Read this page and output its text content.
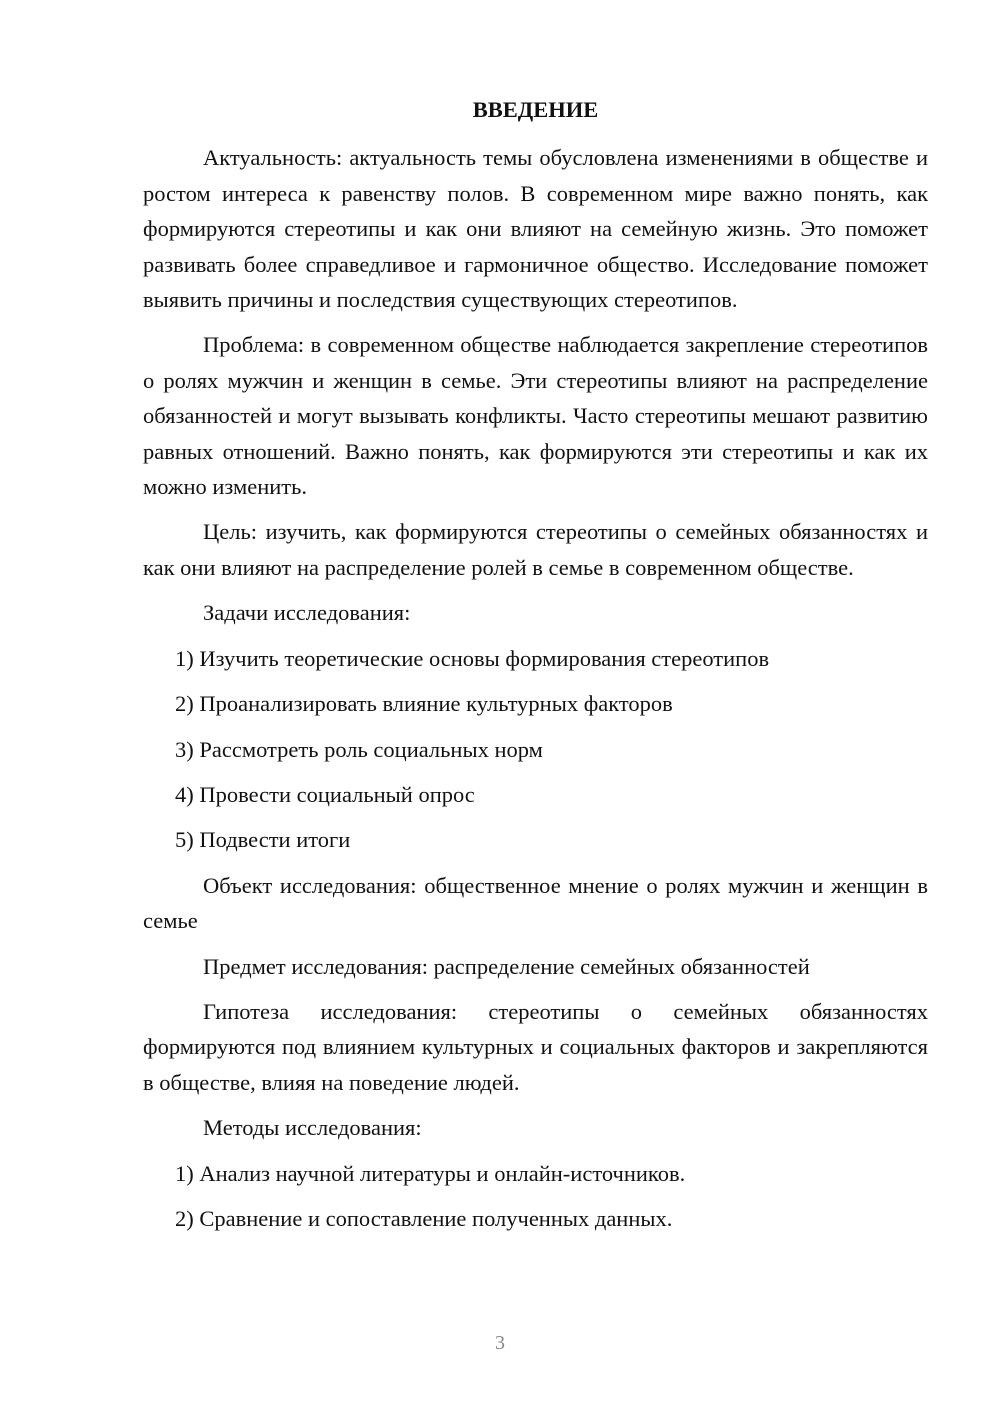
ВВЕДЕНИЕ

Актуальность: актуальность темы обусловлена изменениями в обществе и ростом интереса к равенству полов. В современном мире важно понять, как формируются стереотипы и как они влияют на семейную жизнь. Это поможет развивать более справедливое и гармоничное общество. Исследование поможет выявить причины и последствия существующих стереотипов.

Проблема: в современном обществе наблюдается закрепление стереотипов о ролях мужчин и женщин в семье. Эти стереотипы влияют на распределение обязанностей и могут вызывать конфликты. Часто стереотипы мешают развитию равных отношений. Важно понять, как формируются эти стереотипы и как их можно изменить.

Цель: изучить, как формируются стереотипы о семейных обязанностях и как они влияют на распределение ролей в семье в современном обществе.

Задачи исследования:
1) Изучить теоретические основы формирования стереотипов
2) Проанализировать влияние культурных факторов
3) Рассмотреть роль социальных норм
4) Провести социальный опрос
5) Подвести итоги

Объект исследования: общественное мнение о ролях мужчин и женщин в семье

Предмет исследования: распределение семейных обязанностей

Гипотеза исследования: стереотипы о семейных обязанностях формируются под влиянием культурных и социальных факторов и закрепляются в обществе, влияя на поведение людей.

Методы исследования:
1) Анализ научной литературы и онлайн-источников.
2) Сравнение и сопоставление полученных данных.
3
